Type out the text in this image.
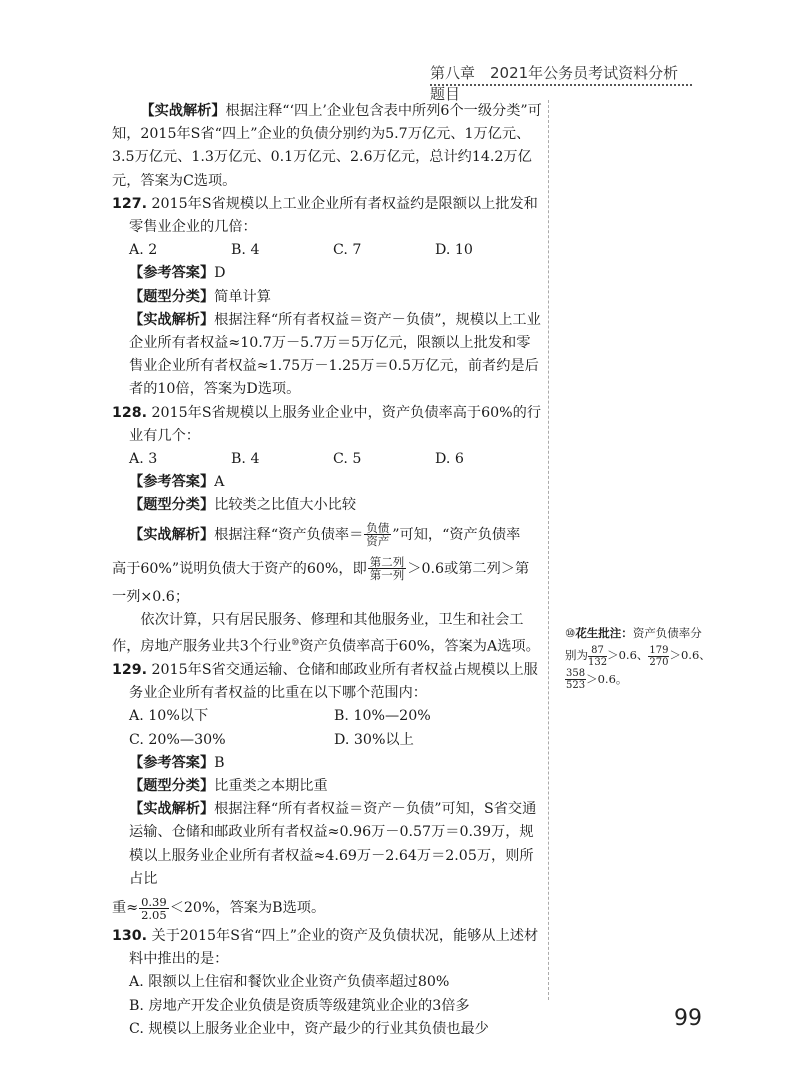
第八章　2021年公务员考试资料分析题目

【实战解析】根据注释“‘四上’企业包含表中所列6个一级分类”可知，2015年S省“四上”企业的负债分别约为5.7万亿元、1万亿元、3.5万亿元、1.3万亿元、0.1万亿元、2.6万亿元，总计约14.2万亿元，答案为C选项。

127. 2015年S省规模以上工业企业所有者权益约是限额以上批发和

零售业企业的几倍：

A. 2	B. 4	C. 7	D. 10

【参考答案】D

【题型分类】简单计算

【实战解析】根据注释“所有者权益＝资产－负债”，规模以上工业企业所有者权益≈10.7万－5.7万＝5万亿元，限额以上批发和零售业企业所有者权益≈1.75万－1.25万＝0.5万亿元，前者约是后者的10倍，答案为D选项。

128. 2015年S省规模以上服务业企业中，资产负债率高于60%的行

业有几个：

A. 3	B. 4	C. 5	D. 6

【参考答案】A

【题型分类】比较类之比值大小比较

【实战解析】根据注释“资产负债率＝ $\frac{\text{负债}}{\text{资产}}$ ”可知，“资产负债率

高于60%”说明负债大于资产的60%，即 $\frac{\text{第二列}}{\text{第一列}} >0.6$或第二列＞第

一列×0.6；

依次计算，只有居民服务、修理和其他服务业，卫生和社会工作，房地产服务业共3个行业⑩资产负债率高于60%，答案为A选项。

129. 2015年S省交通运输、仓储和邮政业所有者权益占规模以上服

务业企业所有者权益的比重在以下哪个范围内：

A. 10%以下	B. 10%—20%
C. 20%—30%	D. 30%以上

【参考答案】B

【题型分类】比重类之本期比重

【实战解析】根据注释“所有者权益＝资产－负债”可知，S省交通运输、仓储和邮政业所有者权益≈0.96万－0.57万＝0.39万，规模以上服务业企业所有者权益≈4.69万－2.64万＝2.05万，则所占比

重≈ $\frac{0.39}{2.05} <20\%$，答案为B选项。

130. 关于2015年S省“四上”企业的资产及负债状况，能够从上述材

料中推出的是：

A. 限额以上住宿和餐饮业企业资产负债率超过80%

B. 房地产开发企业负债是资质等级建筑业企业的3倍多

C. 规模以上服务业企业中，资产最少的行业其负债也最少

⑩花生批注：资产负债率分
别为 $\frac{87}{132} >0.6$、 $\frac{179}{270} >0.6$、
$\frac{358}{523} >0.6$。
99
